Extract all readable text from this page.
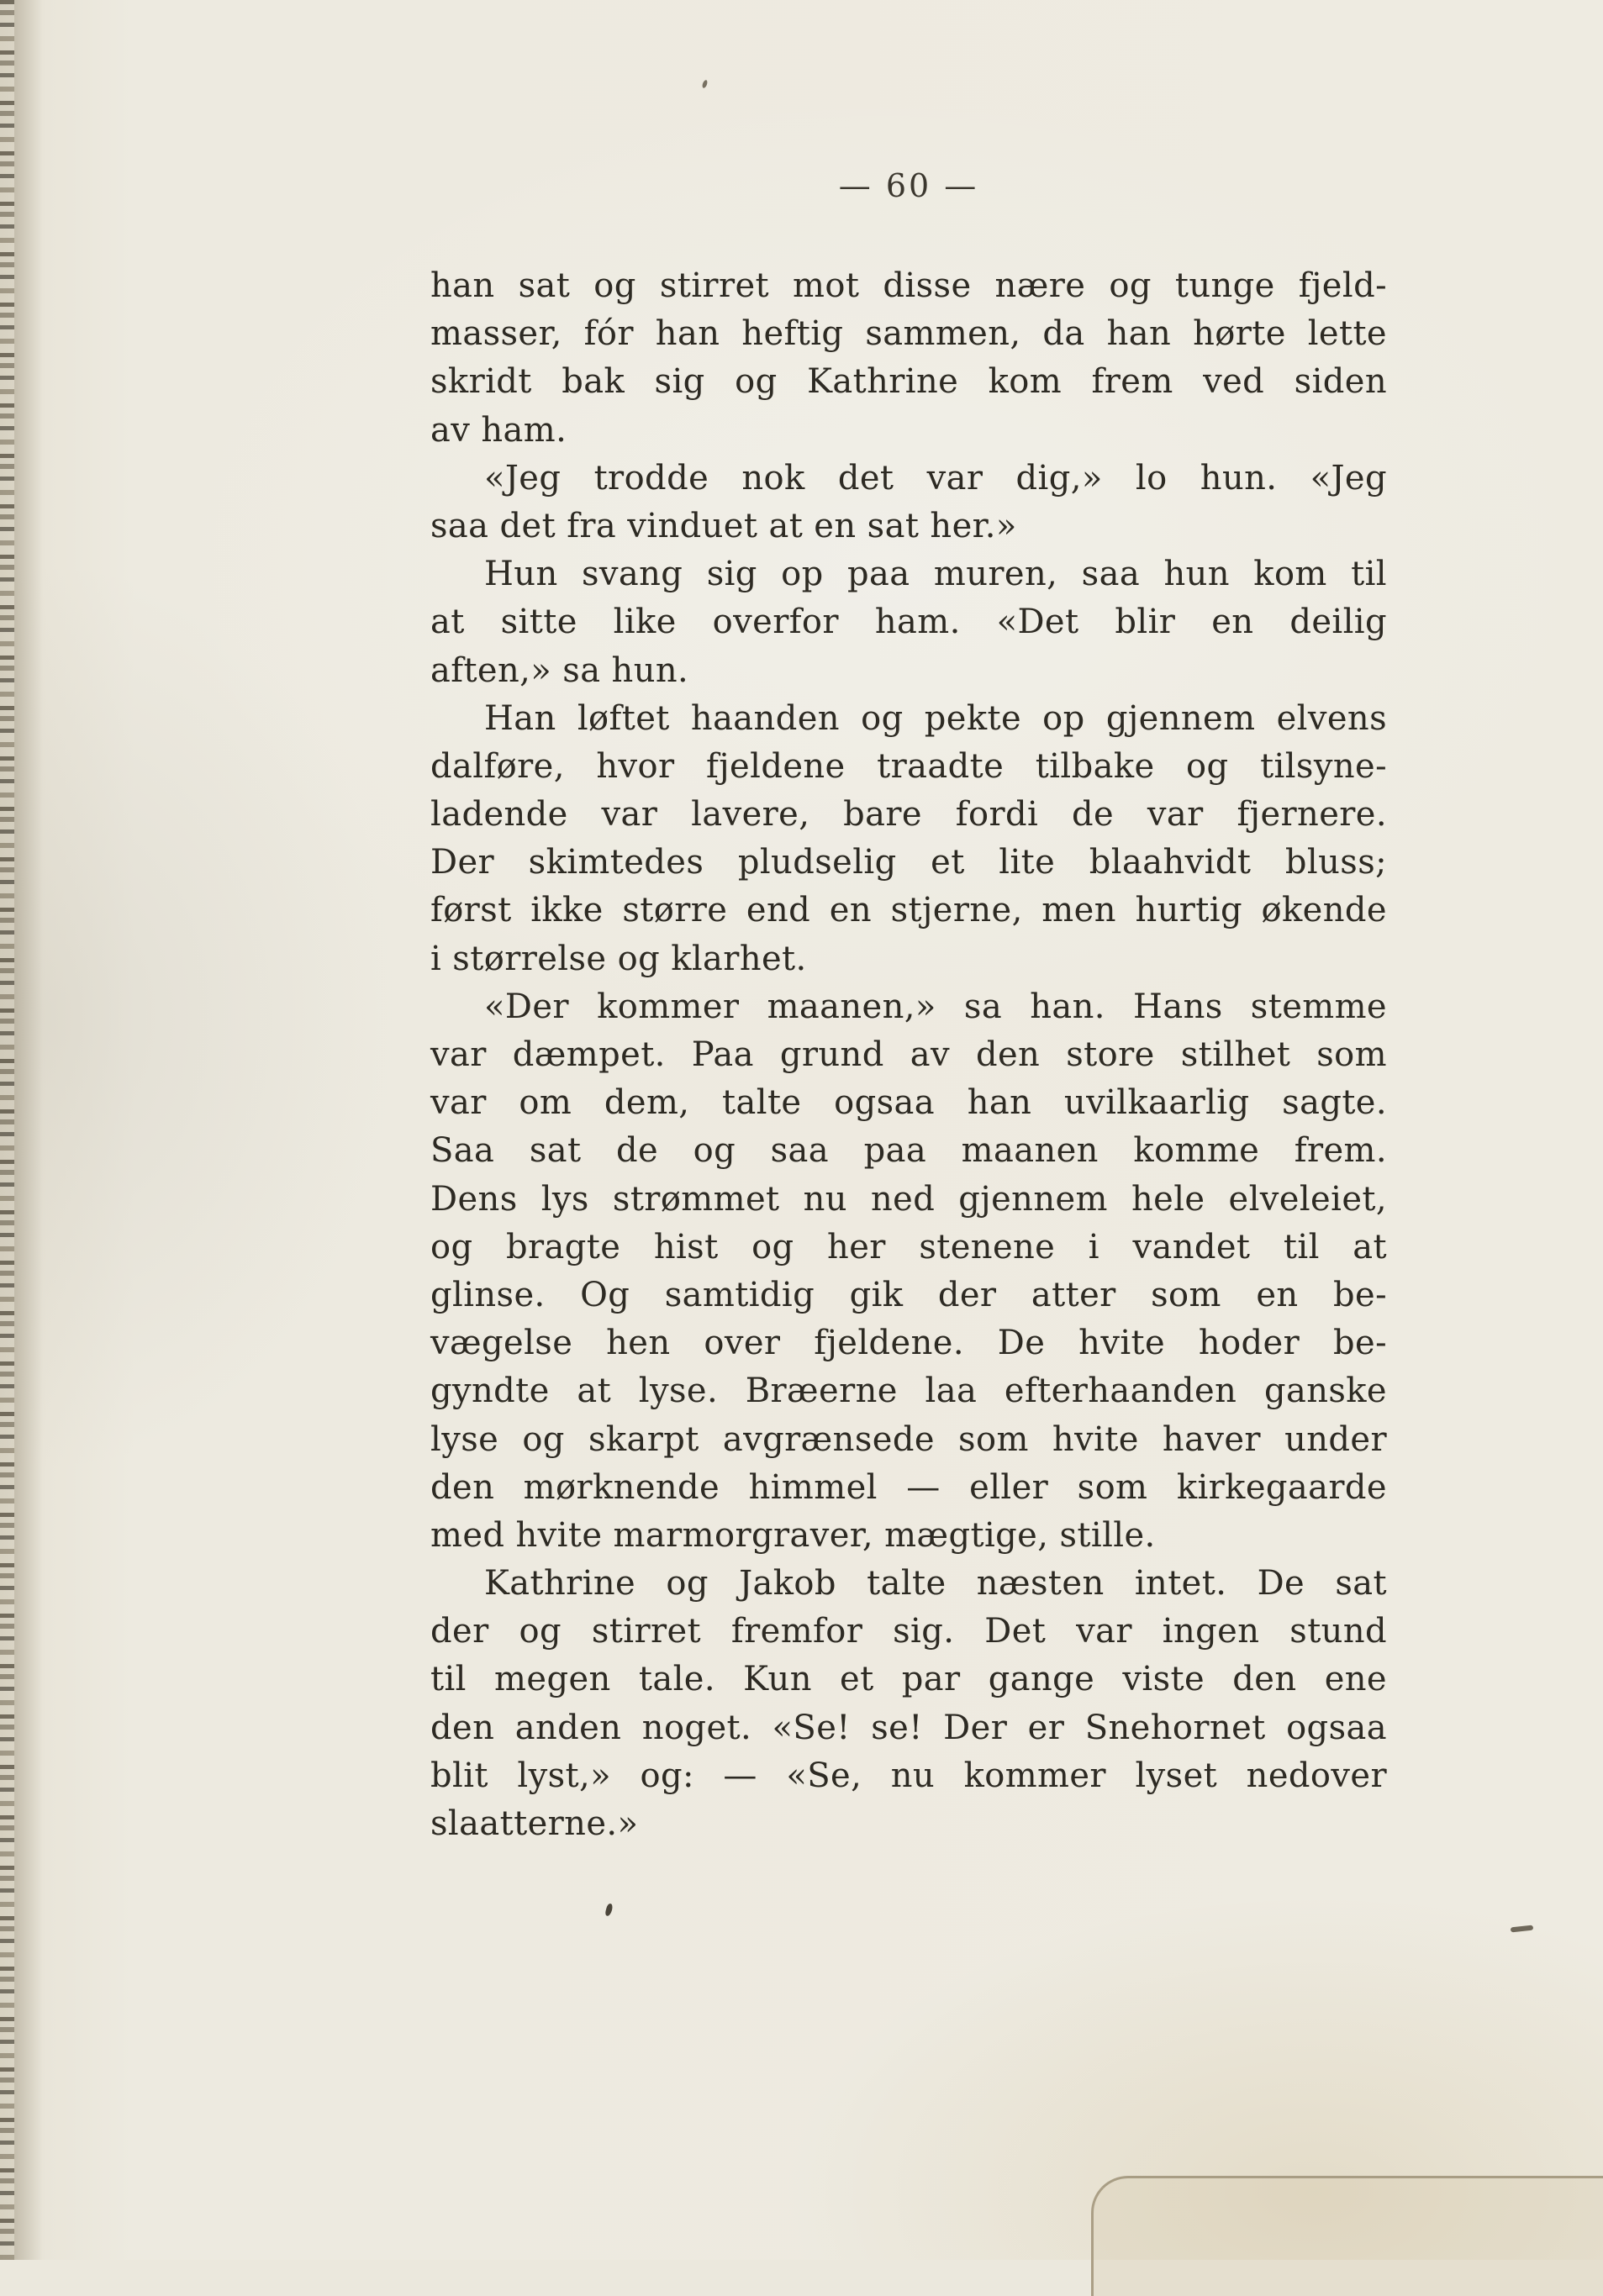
— 60 —
han sat og stirret mot disse nære og tunge fjeld-
masser, fór han heftig sammen, da han hørte lette
skridt bak sig og Kathrine kom frem ved siden
av ham.
«Jeg trodde nok det var dig,» lo hun. «Jeg
saa det fra vinduet at en sat her.»
Hun svang sig op paa muren, saa hun kom til
at sitte like overfor ham. «Det blir en deilig
aften,» sa hun.
Han løftet haanden og pekte op gjennem elvens
dalføre, hvor fjeldene traadte tilbake og tilsyne-
ladende var lavere, bare fordi de var fjernere.
Der skimtedes pludselig et lite blaahvidt bluss;
først ikke større end en stjerne, men hurtig økende
i størrelse og klarhet.
«Der kommer maanen,» sa han. Hans stemme
var dæmpet. Paa grund av den store stilhet som
var om dem, talte ogsaa han uvilkaarlig sagte.
Saa sat de og saa paa maanen komme frem.
Dens lys strømmet nu ned gjennem hele elveleiet,
og bragte hist og her stenene i vandet til at
glinse. Og samtidig gik der atter som en be-
vægelse hen over fjeldene. De hvite hoder be-
gyndte at lyse. Bræerne laa efterhaanden ganske
lyse og skarpt avgrænsede som hvite haver under
den mørknende himmel — eller som kirkegaarde
med hvite marmorgraver, mægtige, stille.
Kathrine og Jakob talte næsten intet. De sat
der og stirret fremfor sig. Det var ingen stund
til megen tale. Kun et par gange viste den ene
den anden noget. «Se! se! Der er Snehornet ogsaa
blit lyst,» og: — «Se, nu kommer lyset nedover
slaatterne.»
